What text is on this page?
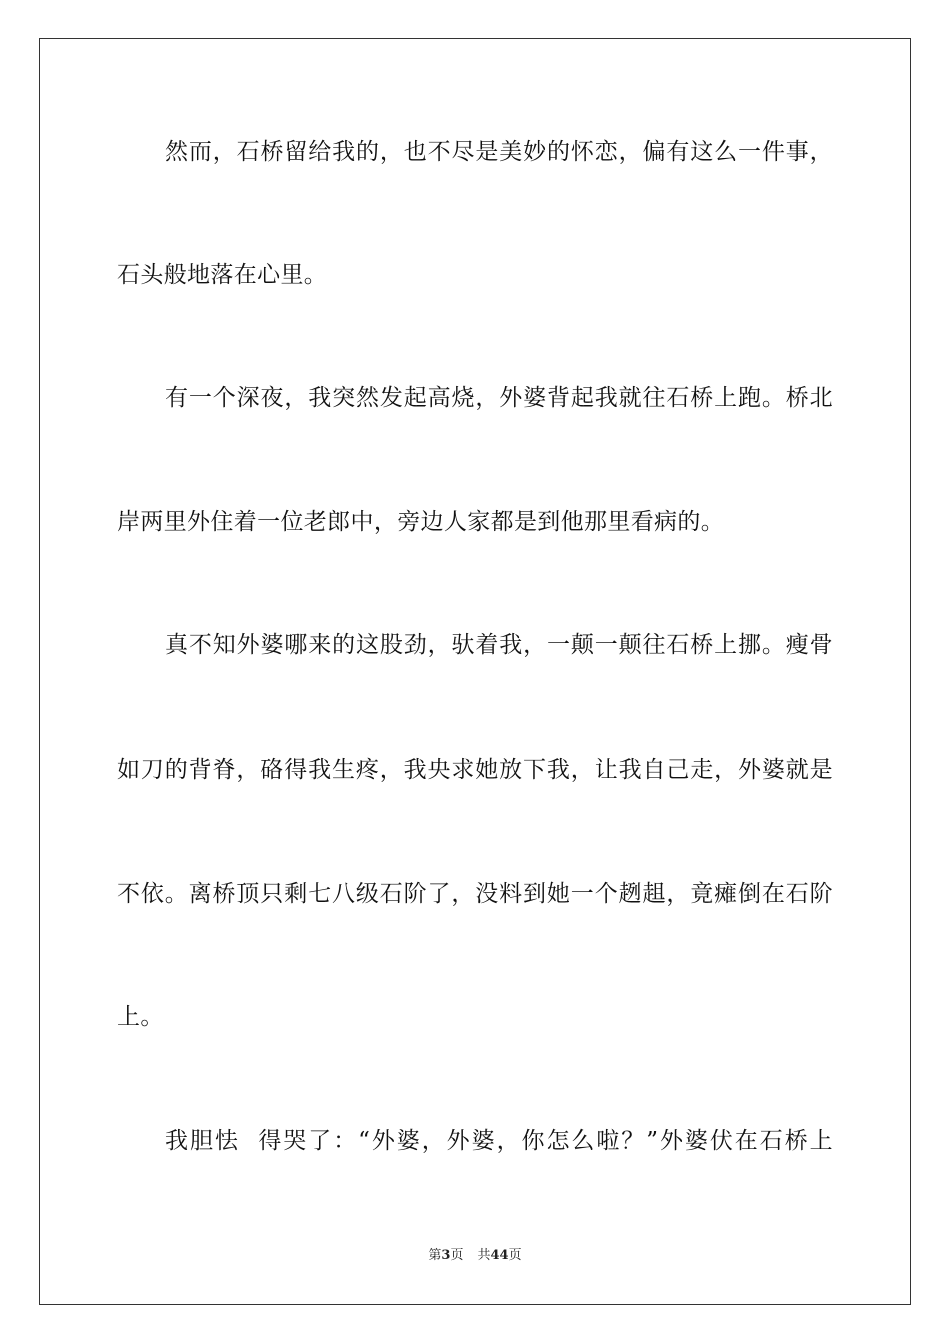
然而，石桥留给我的，也不尽是美妙的怀恋，偏有这么一件事，
石头般地落在心里。
有一个深夜，我突然发起高烧，外婆背起我就往石桥上跑。桥北
岸两里外住着一位老郎中，旁边人家都是到他那里看病的。
真不知外婆哪来的这股劲，驮着我，一颠一颠往石桥上挪。瘦骨
如刀的背脊，硌得我生疼，我央求她放下我，让我自己走，外婆就是
不依。离桥顶只剩七八级石阶了，没料到她一个趔趄，竟瘫倒在石阶
上。
我胆怯  得哭了：“外婆，外婆，你怎么啦？”外婆伏在石桥上
第3页 共44页
